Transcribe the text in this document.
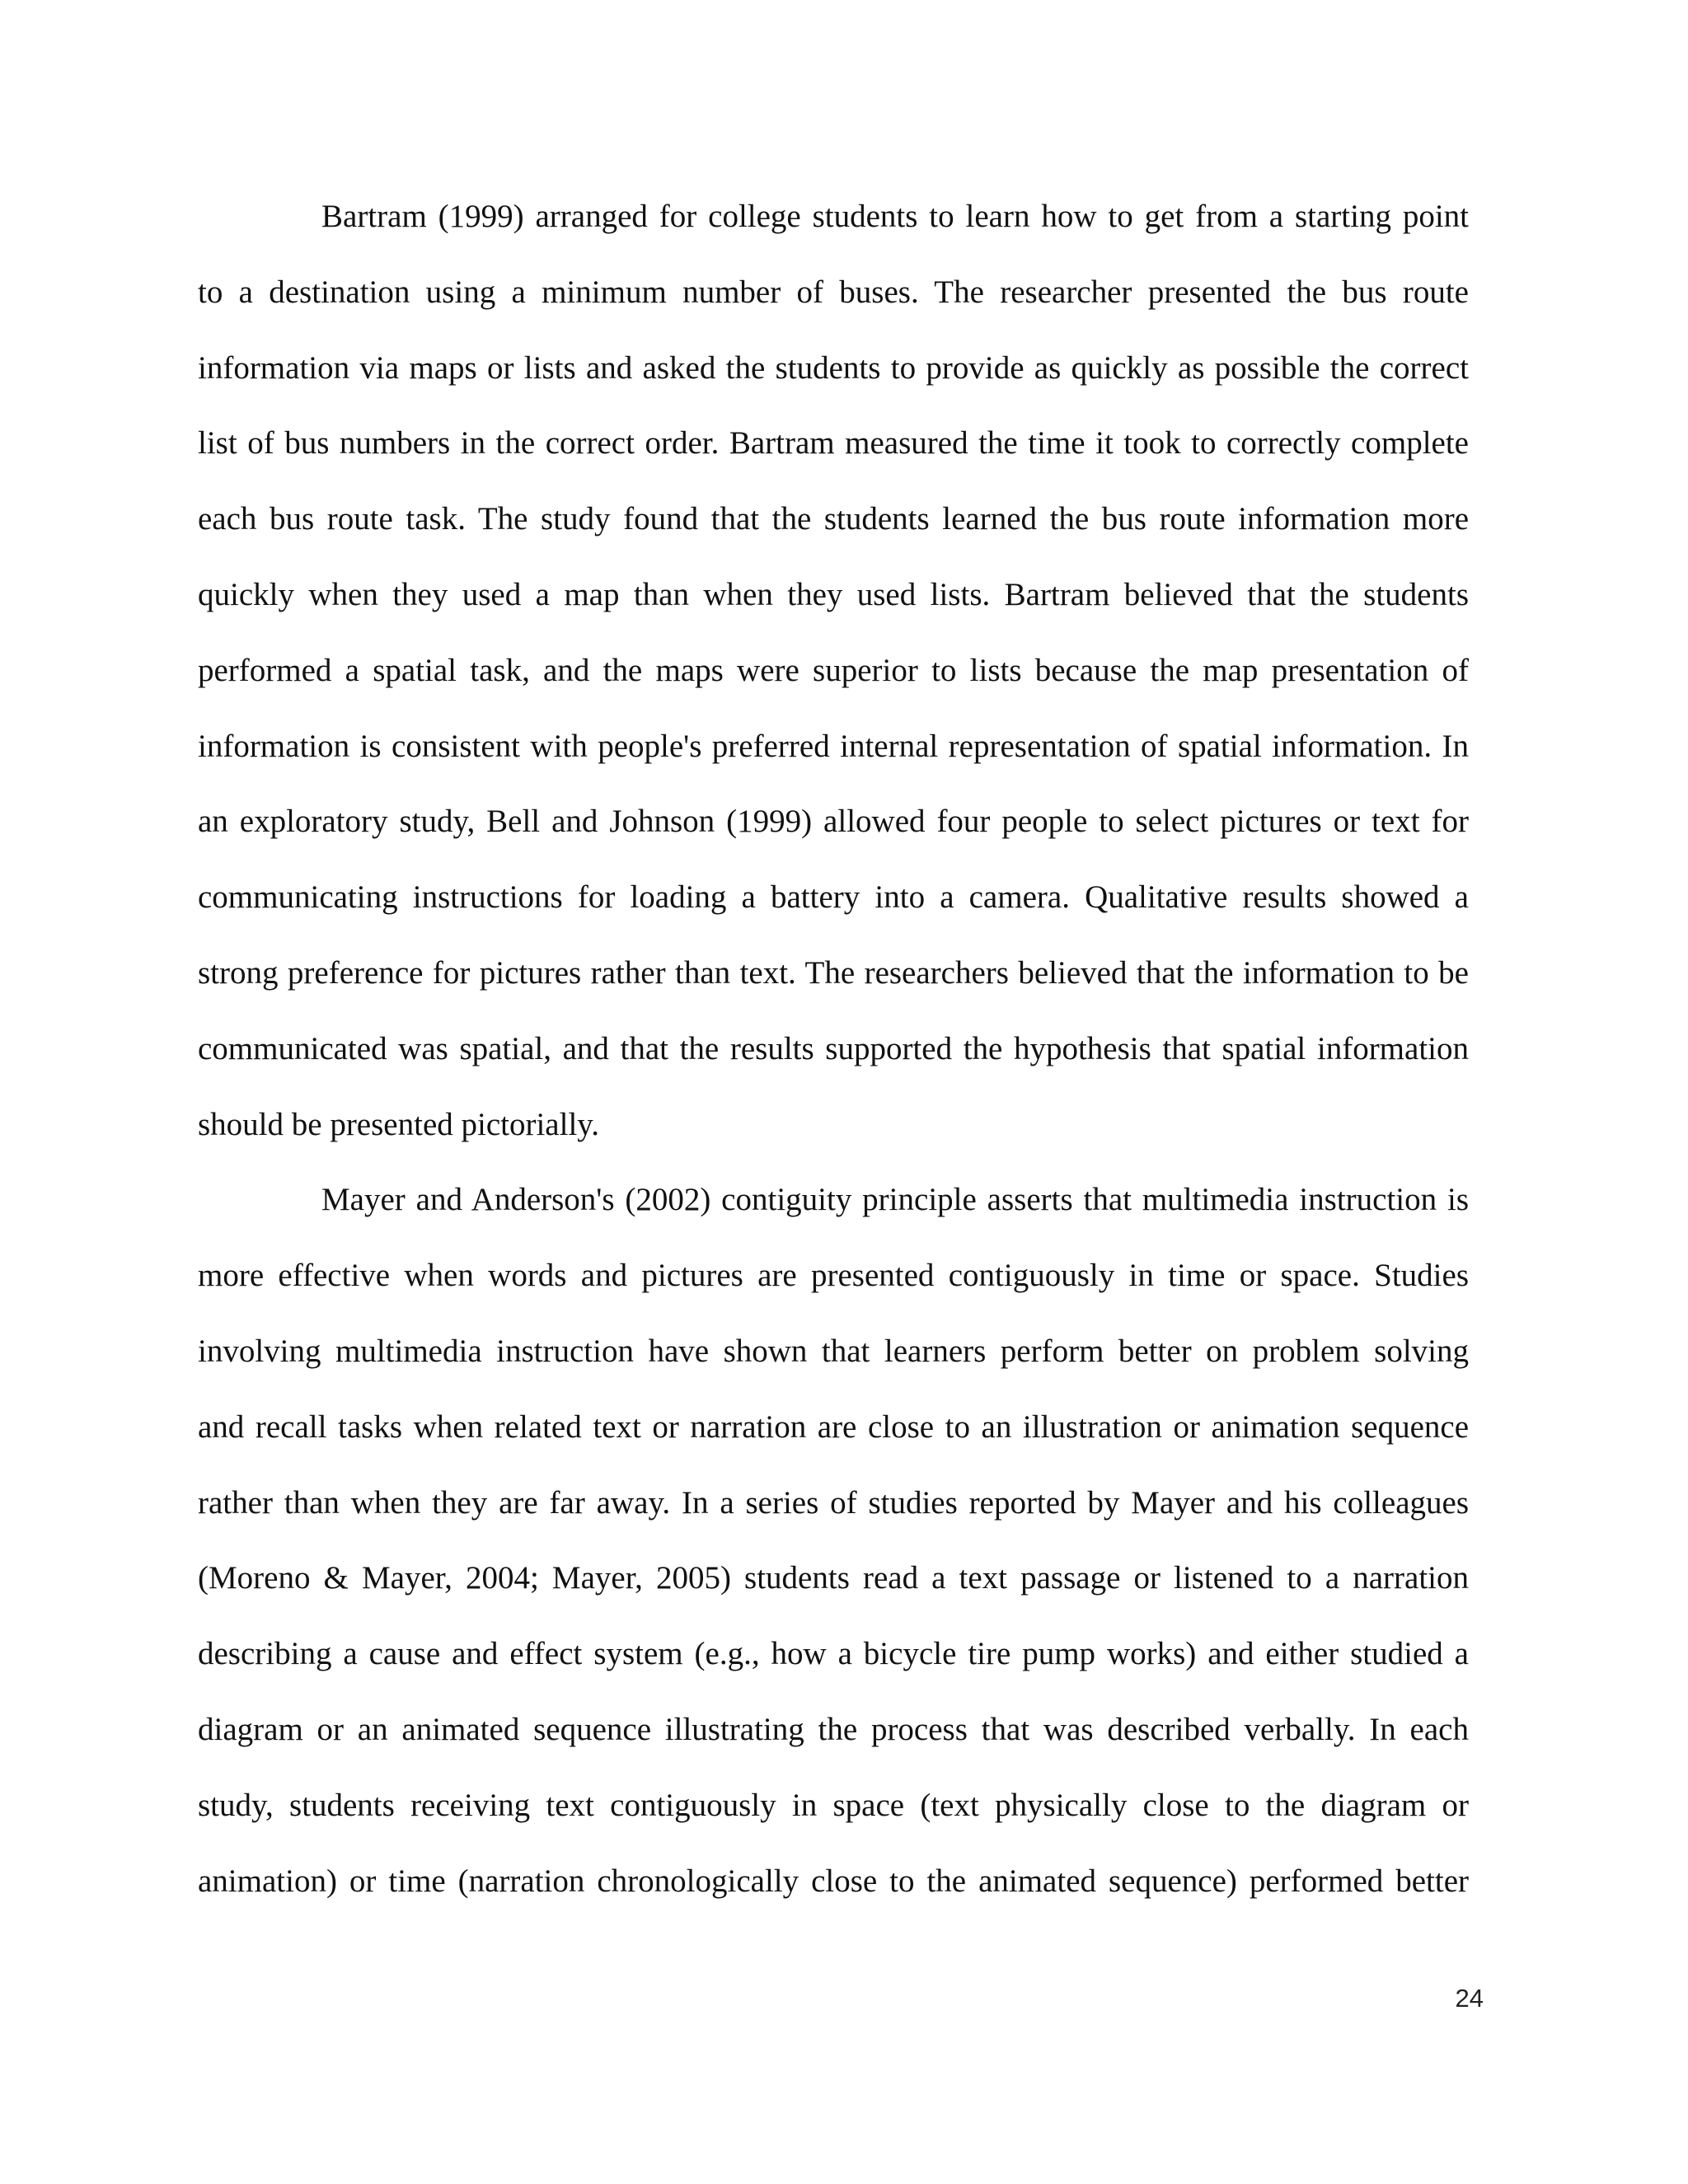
Bartram (1999) arranged for college students to learn how to get from a starting point
to a destination using a minimum number of buses. The researcher presented the bus route
information via maps or lists and asked the students to provide as quickly as possible the correct
list of bus numbers in the correct order. Bartram measured the time it took to correctly complete
each bus route task. The study found that the students learned the bus route information more
quickly when they used a map than when they used lists. Bartram believed that the students
performed a spatial task, and the maps were superior to lists because the map presentation of
information is consistent with people's preferred internal representation of spatial information. In
an exploratory study, Bell and Johnson (1999) allowed four people to select pictures or text for
communicating instructions for loading a battery into a camera. Qualitative results showed a
strong preference for pictures rather than text. The researchers believed that the information to be
communicated was spatial, and that the results supported the hypothesis that spatial information
should be presented pictorially.
Mayer and Anderson's (2002) contiguity principle asserts that multimedia instruction is
more effective when words and pictures are presented contiguously in time or space. Studies
involving multimedia instruction have shown that learners perform better on problem solving
and recall tasks when related text or narration are close to an illustration or animation sequence
rather than when they are far away. In a series of studies reported by Mayer and his colleagues
(Moreno & Mayer, 2004; Mayer, 2005) students read a text passage or listened to a narration
describing a cause and effect system (e.g., how a bicycle tire pump works) and either studied a
diagram or an animated sequence illustrating the process that was described verbally. In each
study, students receiving text contiguously in space (text physically close to the diagram or
animation) or time (narration chronologically close to the animated sequence) performed better
24
